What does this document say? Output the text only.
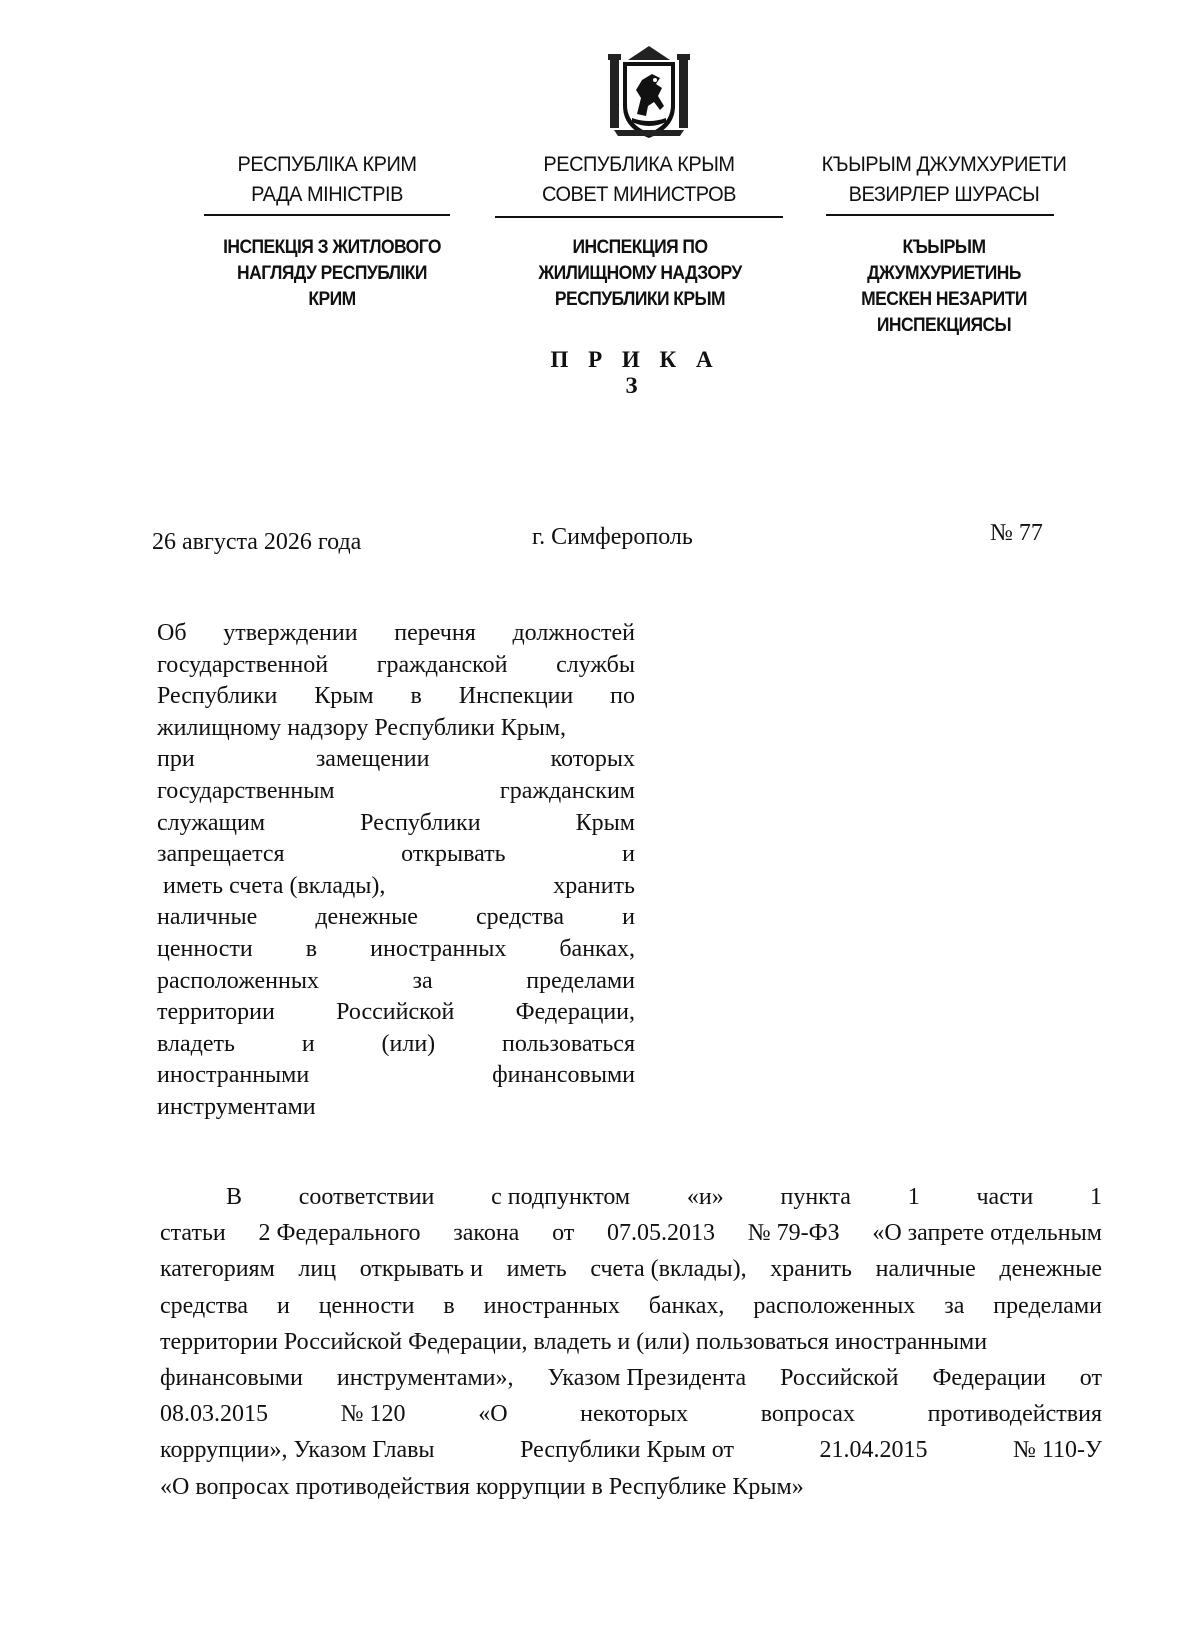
РЕСПУБЛІКА КРИМ
РАДА МІНІСТРІВ
ІНСПЕКЦІЯ З ЖИТЛОВОГО
НАГЛЯДУ РЕСПУБЛІКИ
КРИМ
РЕСПУБЛИКА КРЫМ
СОВЕТ МИНИСТРОВ
ИНСПЕКЦИЯ ПО
ЖИЛИЩНОМУ НАДЗОРУ
РЕСПУБЛИКИ КРЫМ
КЪЫРЫМ ДЖУМХУРИЕТИ
ВЕЗИРЛЕР ШУРАСЫ
КЪЫРЫМ
ДЖУМХУРИЕТИНЬ
МЕСКЕН НЕЗАРИТИ
ИНСПЕКЦИЯСЫ
П Р И К А З
26 августа 2026 года	г. Симферополь	№ 77
Об утверждении перечня должностей
государственной гражданской службы
Республики Крым в Инспекции по
жилищному надзору Республики Крым,
при	замещении	которых
государственным	гражданским
служащим	Республики	Крым
запрещается	открывать	и
иметь счета (вклады),	хранить
наличные денежные средства и
ценности в иностранных банках,
расположенных	за	пределами
территории	Российской	Федерации,
владеть	и	(или)	пользоваться
иностранными	финансовыми
инструментами
В соответствии с подпунктом «и» пункта 1 части 1
статьи 2 Федерального закона от 07.05.2013 № 79-ФЗ «О запрете отдельным
категориям лиц открывать и иметь счета (вклады), хранить наличные денежные
средства и ценности в иностранных банках, расположенных за пределами
территории Российской Федерации, владеть и (или) пользоваться иностранными
финансовыми инструментами», Указом Президента Российской Федерации от
08.03.2015	№ 120	«О	некоторых	вопросах	противодействия
коррупции», Указом Главы	Республики Крым от	21.04.2015	№ 110-У
«О вопросах противодействия коррупции в Республике Крым»
